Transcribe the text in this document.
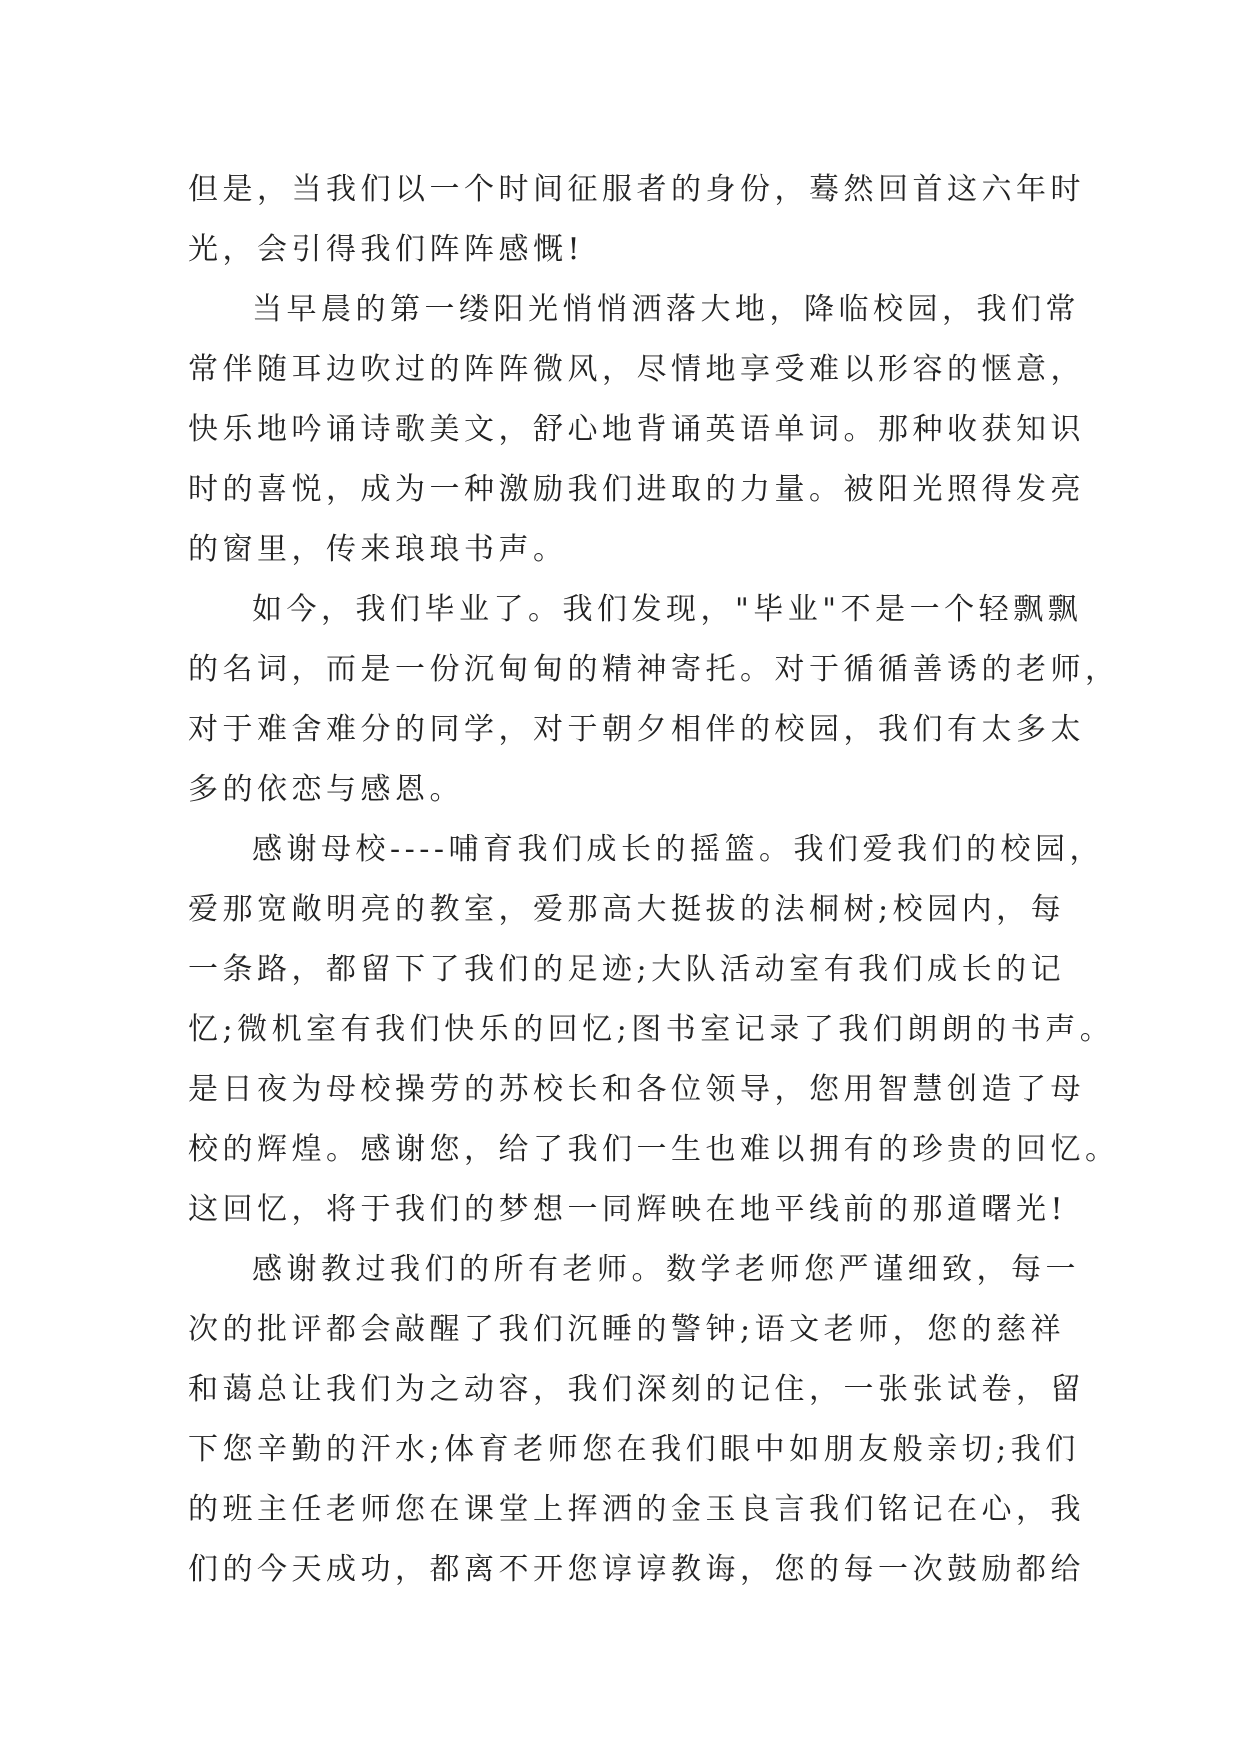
但是，当我们以一个时间征服者的身份，蓦然回首这六年时
光，会引得我们阵阵感慨!
当早晨的第一缕阳光悄悄洒落大地，降临校园，我们常
常伴随耳边吹过的阵阵微风，尽情地享受难以形容的惬意，
快乐地吟诵诗歌美文，舒心地背诵英语单词。那种收获知识
时的喜悦，成为一种激励我们进取的力量。被阳光照得发亮
的窗里，传来琅琅书声。
如今，我们毕业了。我们发现，"毕业"不是一个轻飘飘
的名词，而是一份沉甸甸的精神寄托。对于循循善诱的老师，
对于难舍难分的同学，对于朝夕相伴的校园，我们有太多太
多的依恋与感恩。
感谢母校----哺育我们成长的摇篮。我们爱我们的校园，
爱那宽敞明亮的教室，爱那高大挺拔的法桐树;校园内，每
一条路，都留下了我们的足迹;大队活动室有我们成长的记
忆;微机室有我们快乐的回忆;图书室记录了我们朗朗的书声。
是日夜为母校操劳的苏校长和各位领导，您用智慧创造了母
校的辉煌。感谢您，给了我们一生也难以拥有的珍贵的回忆。
这回忆，将于我们的梦想一同辉映在地平线前的那道曙光!
感谢教过我们的所有老师。数学老师您严谨细致，每一
次的批评都会敲醒了我们沉睡的警钟;语文老师，您的慈祥
和蔼总让我们为之动容，我们深刻的记住，一张张试卷，留
下您辛勤的汗水;体育老师您在我们眼中如朋友般亲切;我们
的班主任老师您在课堂上挥洒的金玉良言我们铭记在心，我
们的今天成功，都离不开您谆谆教诲，您的每一次鼓励都给
